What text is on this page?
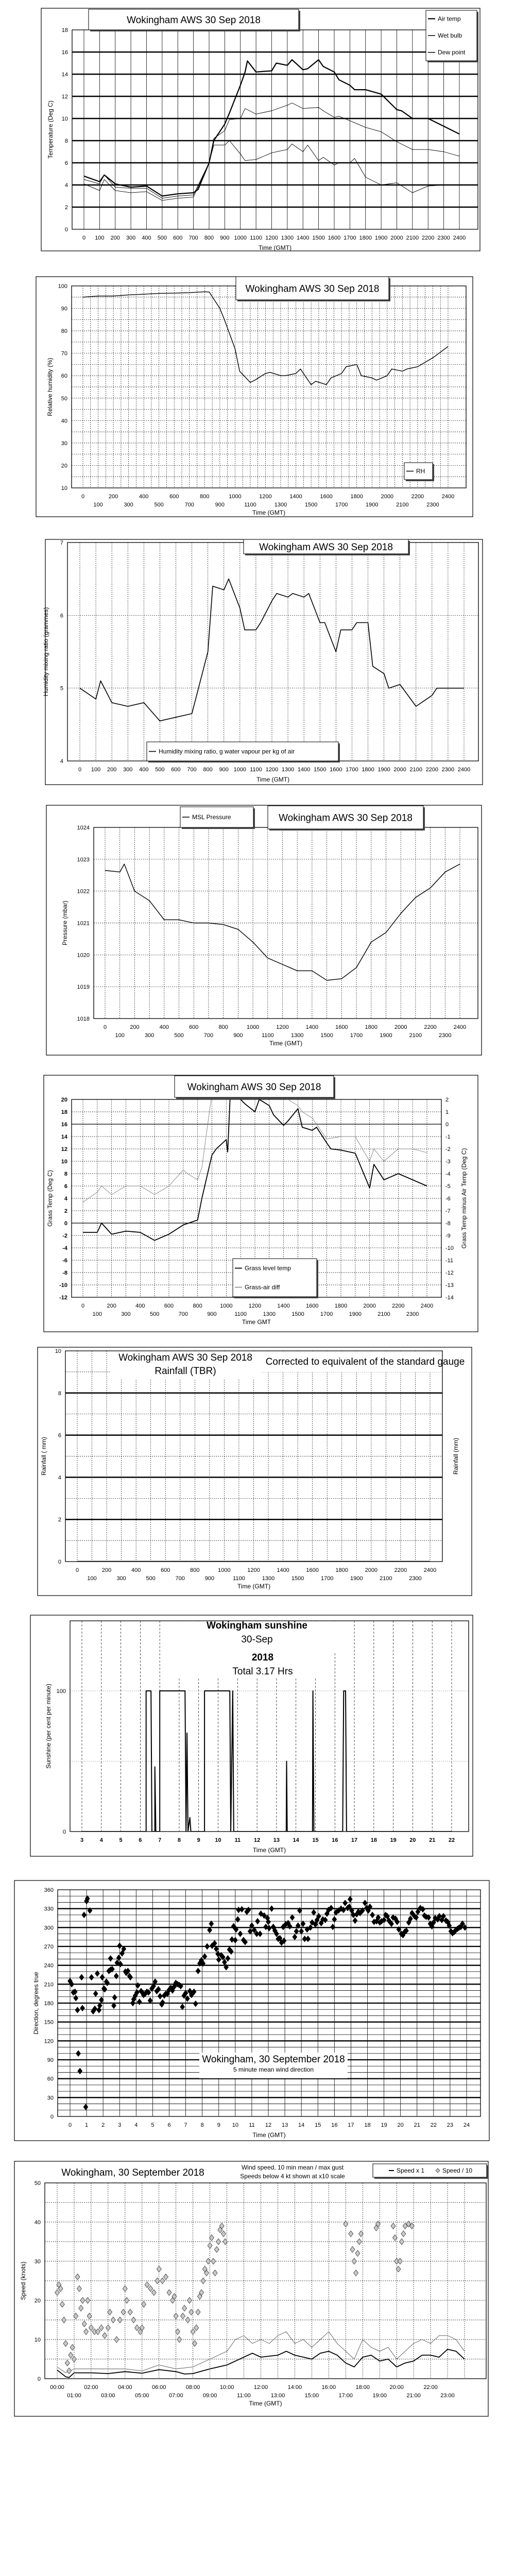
0 100 200 300 400 500 600 700 800 900 1000 1100 1200 1300 1400 1500 1600 1700 1800 1900 2000 2100 2200 2300 2400
0
2
4
6
8
10
12
14
16
18
Time (GMT)
Temperature (Deg C)
Wokingham AWS 30 Sep 2018	Air temp
Wet bulb
Dew point
0
100
200
300
400
500
600
700
800
900
1000
1100
1200
1300
1400
1500
1600
1700
1800
1900
2000
2100
2200
2300
2400
10
20
30
40
50
60
70
80
90
100
Time (GMT)
Relative humidity (%)
Wokingham AWS 30 Sep 2018
RH
0 100 200 300 400 500 600 700 800 900 1000 1100 1200 1300 1400 1500 1600 1700 1800 1900 2000 2100 2200 2300 2400
4
5
6
7
Time (GMT)
Humidity mixing ratio (grammes)
Wokingham AWS 30 Sep 2018
Humidity mixing ratio, g water vapour per kg of air
0
100
200
300
400
500
600
700
800
900
1000
1100
1200
1300
1400
1500
1600
1700
1800
1900
2000
2100
2200
2300
2400
1018
1019
1020
1021
1022
1023
1024
Time (GMT)
Pressure (mbar)
Wokingham AWS 30 Sep 2018
MSL Pressure
0
100
200
300
400
500
600
700
800
900
1000
1100
1200
1300
1400
1500
1600
1700
1800
1900
2000
2100
2200
2300
2400
-12
-10
-8
-6
-4
-2
0
2
4
6
8
10
12
14
16
18
20
-14
-13
-12
-11
-10
-9
-8
-7
-6
-5
-4
-3
-2
-1
0
1
2
Time GMT
Grass Temp (Deg C)	Grass Temp minus Air Temp (Deg C)
Wokingham AWS 30 Sep 2018
Grass level temp
Grass-air diff
0
100
200
300
400
500
600
700
800
900
1000
1100
1200
1300
1400
1500
1600
1700
1800
1900
2000
2100
2200
2300
2400
0
2
4
6
8
10
Time (GMT)
Rainfall ( mm)	Rainfall (mm)
Wokingham AWS 30 Sep 2018
Rainfall (TBR)
Corrected to equivalent of the standard gauge
3	4	5	6	7	8	9	10 11 12 13 14 15 16 17 18 19 20 21 22
0
100
Time (GMT)
Sunshine (per cent per minute)
Wokingham sunshine
30-Sep
2018
Total 3.17 Hrs
0 1 2 3 4 5 6 7 8 9 10 11 12 13 14 15 16 17 18 19 20 21 22 23 24
0
30
60
90
120
150
180
210
240
270
300
330
360
Time (GMT)
Direction, degrees true
Wokingham, 30 September 2018
5 minute mean wind direction
00:00
01:00
02:00
03:00
04:00
05:00
06:00
07:00
08:00
09:00
10:00
11:00
12:00
13:00
14:00
15:00
16:00
17:00
18:00
19:00
20:00
21:00
22:00
23:00
0
10
20
30
40
50
Time (GMT)
Speed (knots)
Wokingham, 30 September 2018	Wind speed, 10 min mean / max gust
Speeds below 4 kt shown at x10 scale
Speed x 1	Speed / 10
